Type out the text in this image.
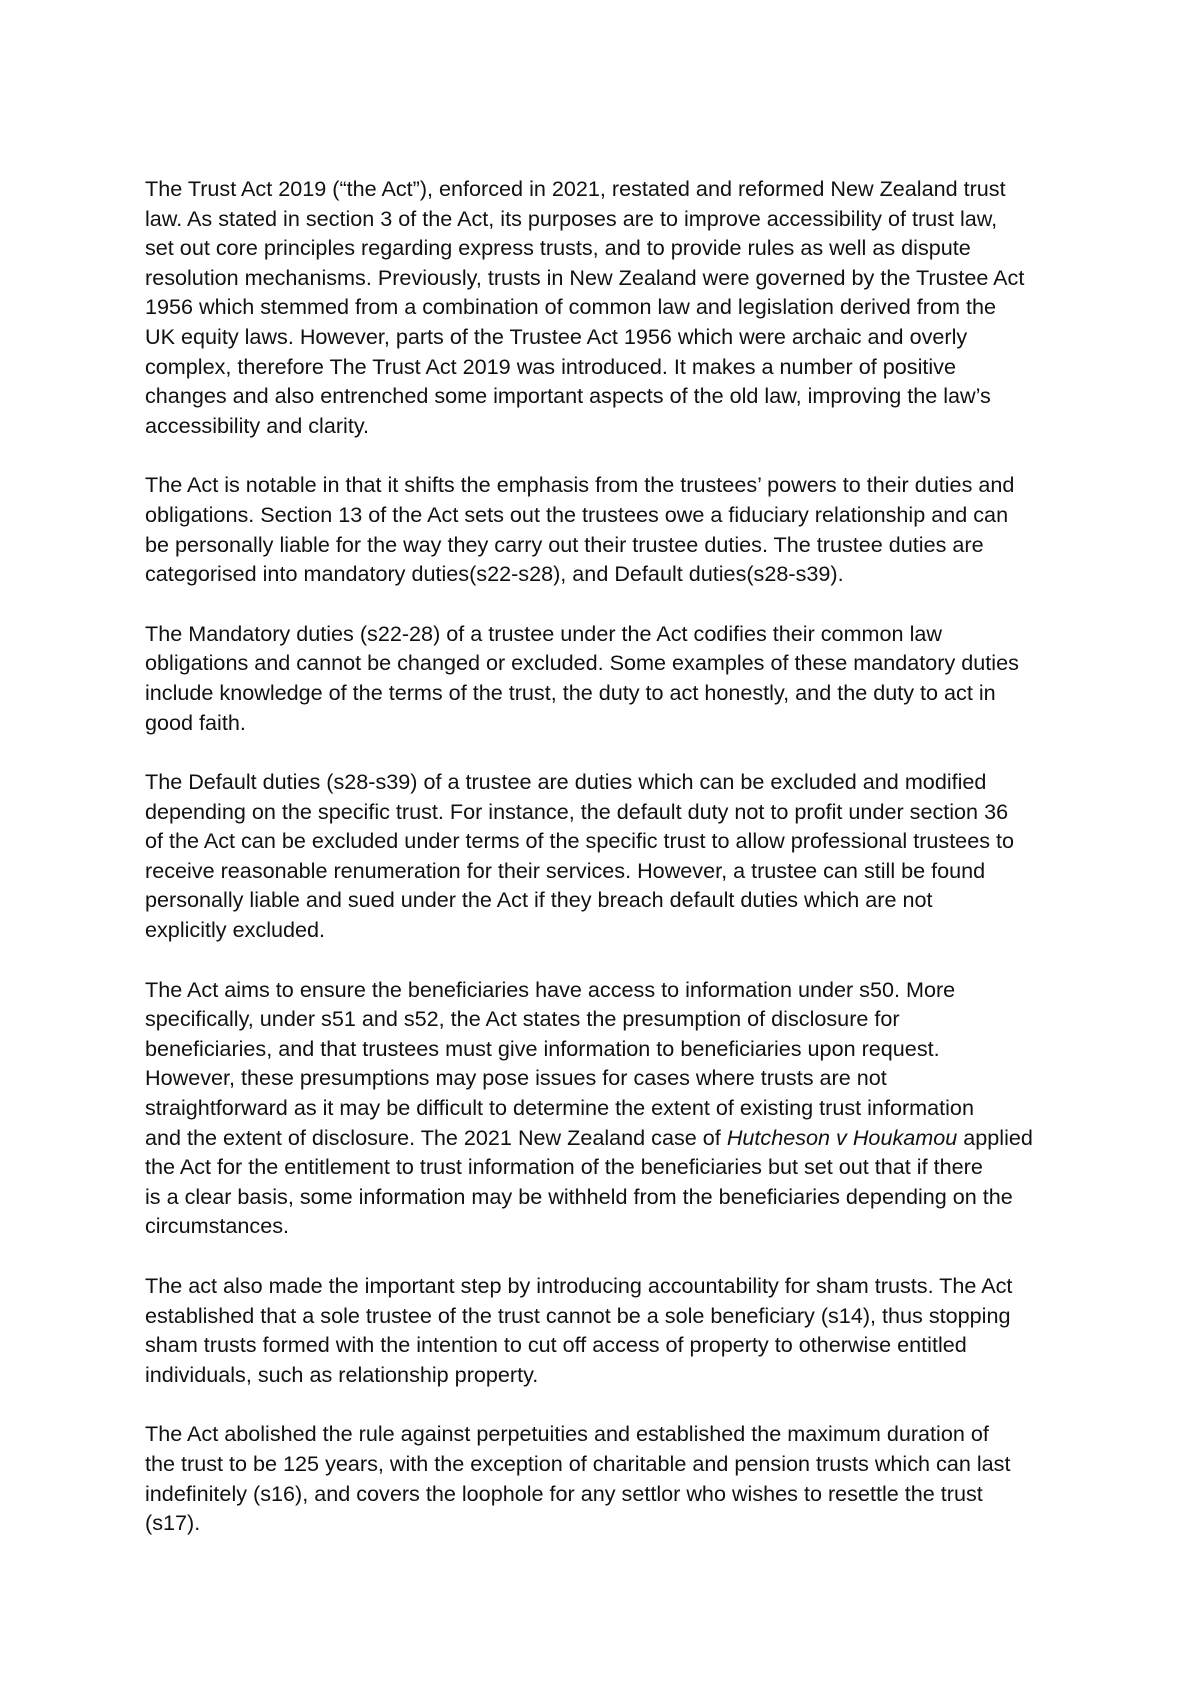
The Trust Act 2019 (“the Act”), enforced in 2021, restated and reformed New Zealand trust
law. As stated in section 3 of the Act, its purposes are to improve accessibility of trust law,
set out core principles regarding express trusts, and to provide rules as well as dispute
resolution mechanisms. Previously, trusts in New Zealand were governed by the Trustee Act
1956 which stemmed from a combination of common law and legislation derived from the
UK equity laws. However, parts of the Trustee Act 1956 which were archaic and overly
complex, therefore The Trust Act 2019 was introduced. It makes a number of positive
changes and also entrenched some important aspects of the old law, improving the law’s
accessibility and clarity.
The Act is notable in that it shifts the emphasis from the trustees’ powers to their duties and
obligations. Section 13 of the Act sets out the trustees owe a fiduciary relationship and can
be personally liable for the way they carry out their trustee duties. The trustee duties are
categorised into mandatory duties(s22-s28), and Default duties(s28-s39).
The Mandatory duties (s22-28) of a trustee under the Act codifies their common law
obligations and cannot be changed or excluded. Some examples of these mandatory duties
include knowledge of the terms of the trust, the duty to act honestly, and the duty to act in
good faith.
The Default duties (s28-s39) of a trustee are duties which can be excluded and modified
depending on the specific trust. For instance, the default duty not to profit under section 36
of the Act can be excluded under terms of the specific trust to allow professional trustees to
receive reasonable renumeration for their services. However, a trustee can still be found
personally liable and sued under the Act if they breach default duties which are not
explicitly excluded.
The Act aims to ensure the beneficiaries have access to information under s50. More
specifically, under s51 and s52, the Act states the presumption of disclosure for
beneficiaries, and that trustees must give information to beneficiaries upon request.
However, these presumptions may pose issues for cases where trusts are not
straightforward as it may be difficult to determine the extent of existing trust information
and the extent of disclosure. The 2021 New Zealand case of Hutcheson v Houkamou applied
the Act for the entitlement to trust information of the beneficiaries but set out that if there
is a clear basis, some information may be withheld from the beneficiaries depending on the
circumstances.
The act also made the important step by introducing accountability for sham trusts. The Act
established that a sole trustee of the trust cannot be a sole beneficiary (s14), thus stopping
sham trusts formed with the intention to cut off access of property to otherwise entitled
individuals, such as relationship property.
The Act abolished the rule against perpetuities and established the maximum duration of
the trust to be 125 years, with the exception of charitable and pension trusts which can last
indefinitely (s16), and covers the loophole for any settlor who wishes to resettle the trust
(s17).
